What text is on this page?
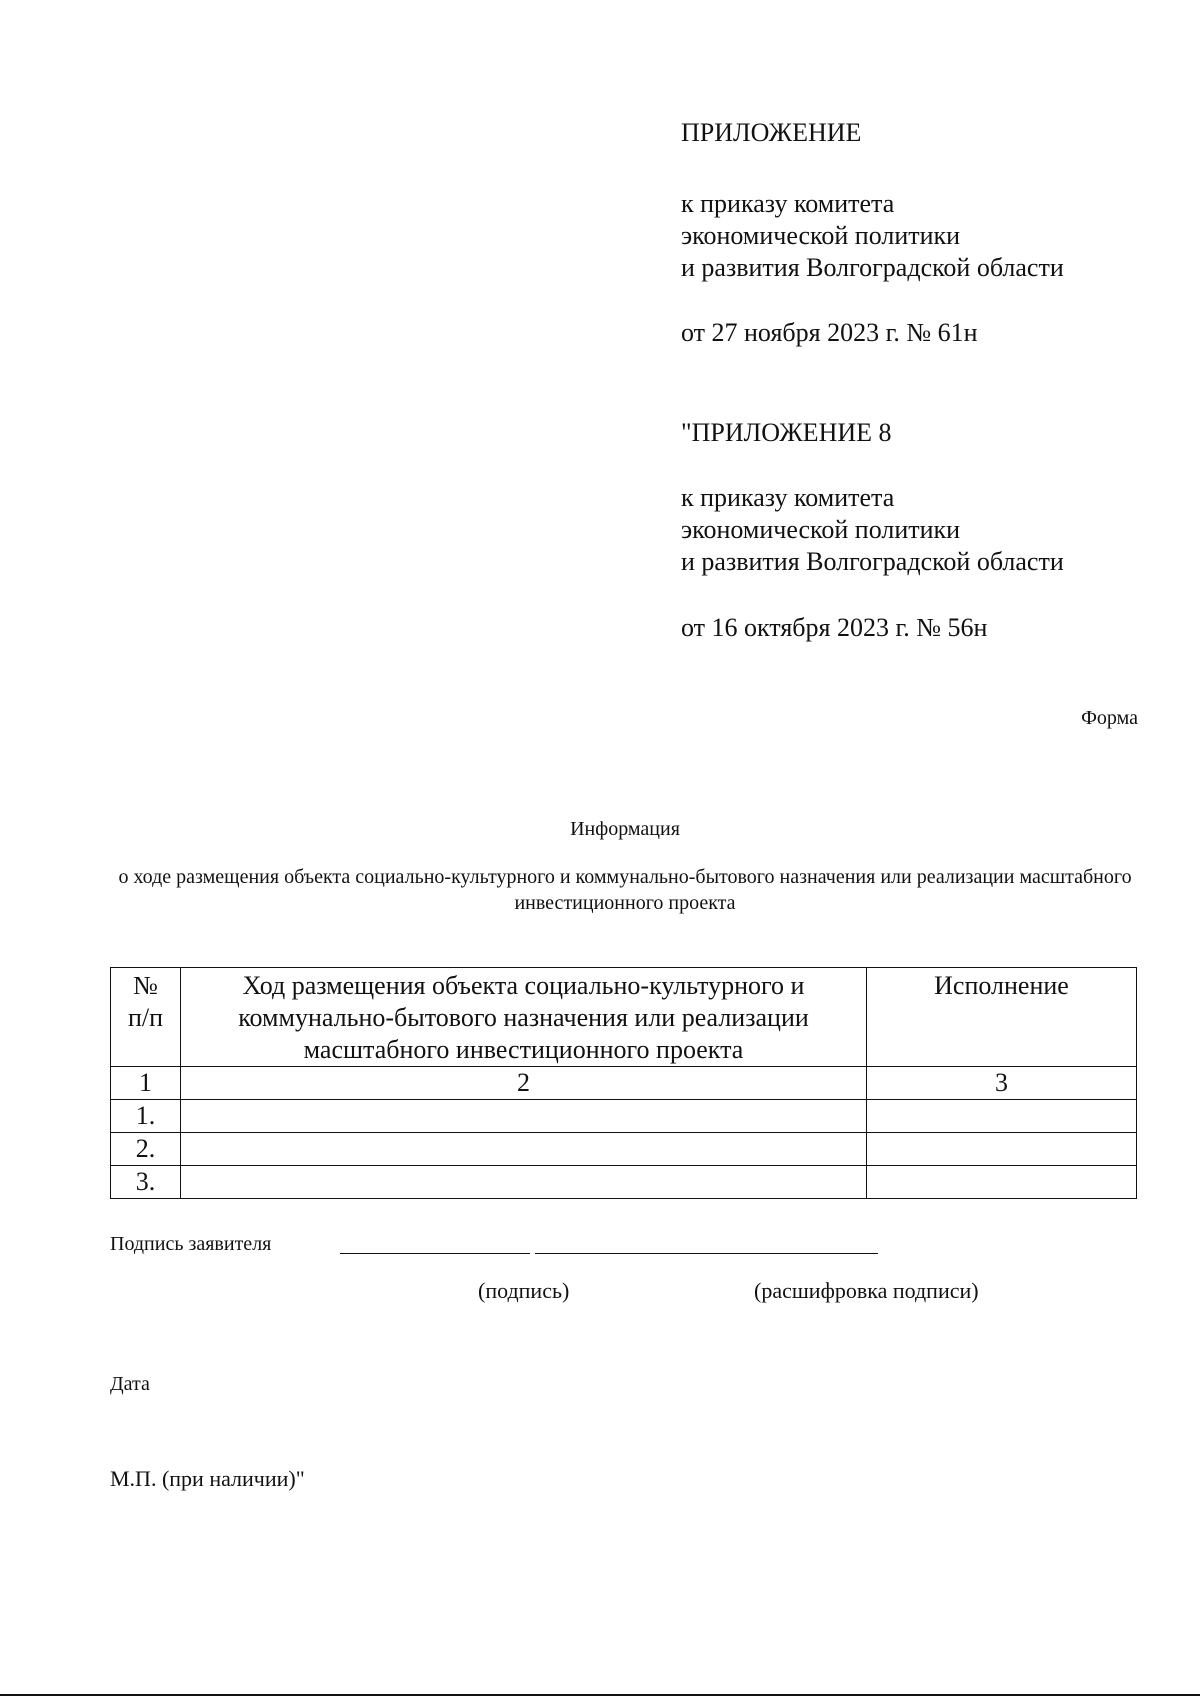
ПРИЛОЖЕНИЕ
к приказу комитета
экономической политики
и развития Волгоградской области
от 27 ноября 2023 г. № 61н
"ПРИЛОЖЕНИЕ 8
к приказу комитета
экономической политики
и развития Волгоградской области
от 16 октября 2023 г. № 56н
Форма
Информация
о ходе размещения объекта социально-культурного и коммунально-бытового назначения или реализации масштабного инвестиционного проекта
№ п/п	Ход размещения объекта социально-культурного и коммунально-бытового назначения или реализации масштабного инвестиционного проекта	Исполнение
1	2	3
1.		
2.		
3.		
Подпись заявителя
(подпись)	(расшифровка подписи)
Дата
М.П. (при наличии)"
